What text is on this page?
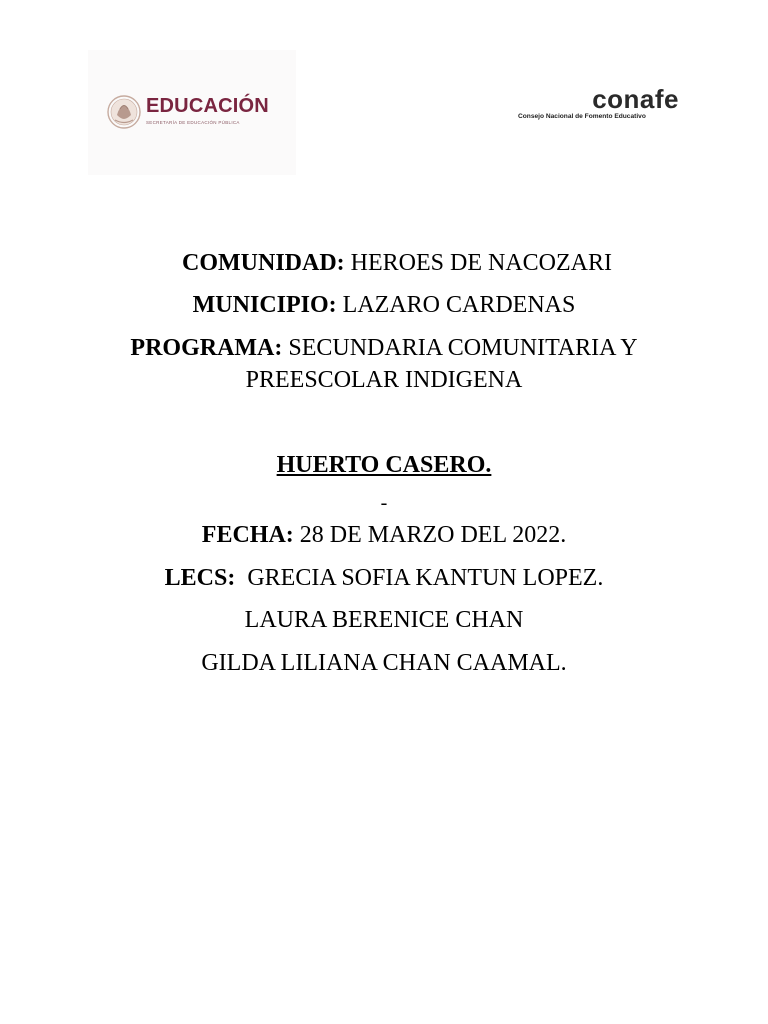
EDUCACIÓN
SECRETARÍA DE EDUCACIÓN PÚBLICA
conafe
Consejo Nacional de Fomento Educativo
COMUNIDAD: HEROES DE NACOZARI
MUNICIPIO: LAZARO CARDENAS
PROGRAMA: SECUNDARIA COMUNITARIA Y
PREESCOLAR INDIGENA
HUERTO CASERO.
-
FECHA: 28 DE MARZO DEL 2022.
LECS:  GRECIA SOFIA KANTUN LOPEZ.
LAURA BERENICE CHAN
GILDA LILIANA CHAN CAAMAL.
